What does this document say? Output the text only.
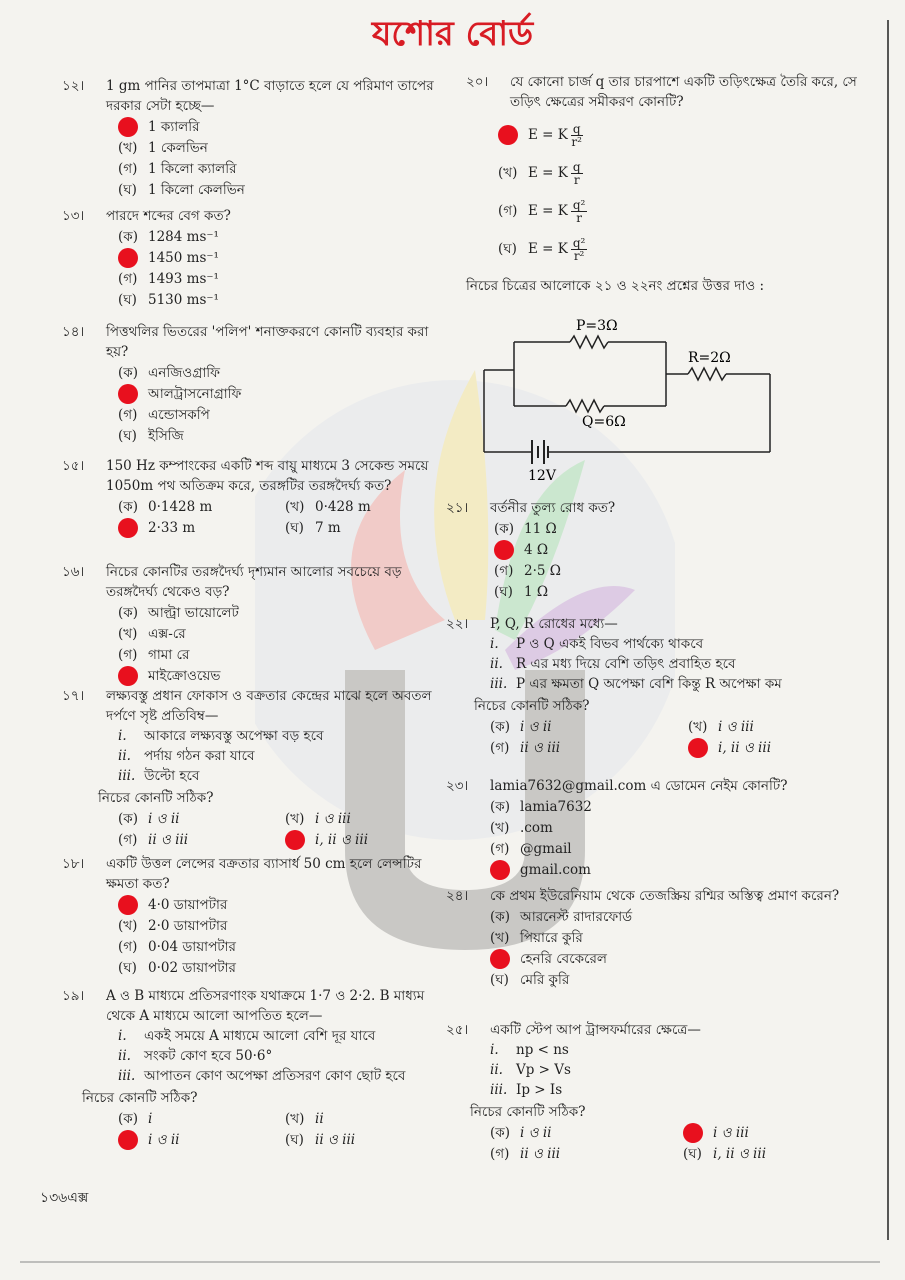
যশোর বোর্ড
১২।	1 gm পানির তাপমাত্রা 1°C বাড়াতে হলে যে পরিমাণ তাপের দরকার সেটা হচ্ছে—
1 ক্যালরি
(খ) 1 কেলভিন
(গ) 1 কিলো ক্যালরি
(ঘ) 1 কিলো কেলভিন
১৩।	পারদে শব্দের বেগ কত?
(ক) 1284 ms⁻¹
1450 ms⁻¹
(গ) 1493 ms⁻¹
(ঘ) 5130 ms⁻¹
১৪।	পিত্তথলির ভিতরের 'পলিপ' শনাক্তকরণে কোনটি ব্যবহার করা হয়?
(ক) এনজিওগ্রাফি
আলট্রাসনোগ্রাফি
(গ) এন্ডোসকপি
(ঘ) ইসিজি
১৫।	150 Hz কম্পাংকের একটি শব্দ বায়ু মাধ্যমে 3 সেকেন্ড সময়ে 1050m পথ অতিক্রম করে, তরঙ্গটির তরঙ্গদৈর্ঘ্য কত?
(ক) 0·1428 m	(খ) 0·428 m
2·33 m	(ঘ) 7 m
১৬।	নিচের কোনটির তরঙ্গদৈর্ঘ্য দৃশ্যমান আলোর সবচেয়ে বড় তরঙ্গদৈর্ঘ্য থেকেও বড়?
(ক) আল্ট্রা ভায়োলেট
(খ) এক্স-রে
(গ) গামা রে
মাইক্রোওয়েভ
১৭।	লক্ষ্যবস্তু প্রধান ফোকাস ও বক্রতার কেন্দ্রের মাঝে হলে অবতল দর্পণে সৃষ্ট প্রতিবিম্ব—
i.	আকারে লক্ষ্যবস্তু অপেক্ষা বড় হবে
ii. পর্দায় গঠন করা যাবে
iii. উল্টো হবে
নিচের কোনটি সঠিক?
(ক) i ও ii	(খ) i ও iii
(গ) ii ও iii	i, ii ও iii
১৮।	একটি উত্তল লেন্সের বক্রতার ব্যাসার্ধ 50 cm হলে লেন্সটির ক্ষমতা কত?
4·0 ডায়াপটার
(খ) 2·0 ডায়াপটার
(গ) 0·04 ডায়াপটার
(ঘ) 0·02 ডায়াপটার
১৯।	A ও B মাধ্যমে প্রতিসরণাংক যথাক্রমে 1·7 ও 2·2. B মাধ্যম থেকে A মাধ্যমে আলো আপতিত হলে—
i.	একই সময়ে A মাধ্যমে আলো বেশি দূর যাবে
ii. সংকট কোণ হবে 50·6°
iii. আপাতন কোণ অপেক্ষা প্রতিসরণ কোণ ছোট হবে
নিচের কোনটি সঠিক?
(ক) i	(খ) ii
i ও ii	(ঘ) ii ও iii
২০।	যে কোনো চার্জ q তার চারপাশে একটি তড়িৎক্ষেত্র তৈরি করে, সে তড়িৎ ক্ষেত্রের সমীকরণ কোনটি?
E = K $\frac{q}{\text{r²}}$
(খ) E = K $\frac{q}{r}$
(গ) E = K $\frac{\text{q²}}{r}$
(ঘ) E = K $\frac{\text{q²}}{\text{r²}}$
নিচের চিত্রের আলোকে ২১ ও ২২নং প্রশ্নের উত্তর দাও :
P=3Ω
Q=6Ω
R=2Ω
12V
২১।	বর্তনীর তুল্য রোধ কত?
(ক) 11 Ω
4 Ω
(গ) 2·5 Ω
(ঘ) 1 Ω
২২।	P, Q, R রোধের মধ্যে—
i.	P ও Q একই বিভব পার্থক্যে থাকবে
ii. R এর মধ্য দিয়ে বেশি তড়িৎ প্রবাহিত হবে
iii. P এর ক্ষমতা Q অপেক্ষা বেশি কিন্তু R অপেক্ষা কম
নিচের কোনটি সঠিক?
(ক) i ও ii	(খ) i ও iii
(গ) ii ও iii	i, ii ও iii
২৩।	lamia7632@gmail.com এ ডোমেন নেইম কোনটি?
(ক) lamia7632
(খ) .com
(গ) @gmail
gmail.com
২৪।	কে প্রথম ইউরেনিয়াম থেকে তেজস্ক্রিয় রশ্মির অস্তিত্ব প্রমাণ করেন?
(ক) আরনেস্ট রাদারফোর্ড
(খ) পিয়ারে কুরি
হেনরি বেকেরেল
(ঘ) মেরি কুরি
২৫।	একটি স্টেপ আপ ট্রান্সফর্মারের ক্ষেত্রে—
i.	np < ns
ii. Vp > Vs
iii. Ip > Is
নিচের কোনটি সঠিক?
(ক) i ও ii	i ও iii
(গ) ii ও iii	(ঘ) i, ii ও iii
১৩৬এক্স
